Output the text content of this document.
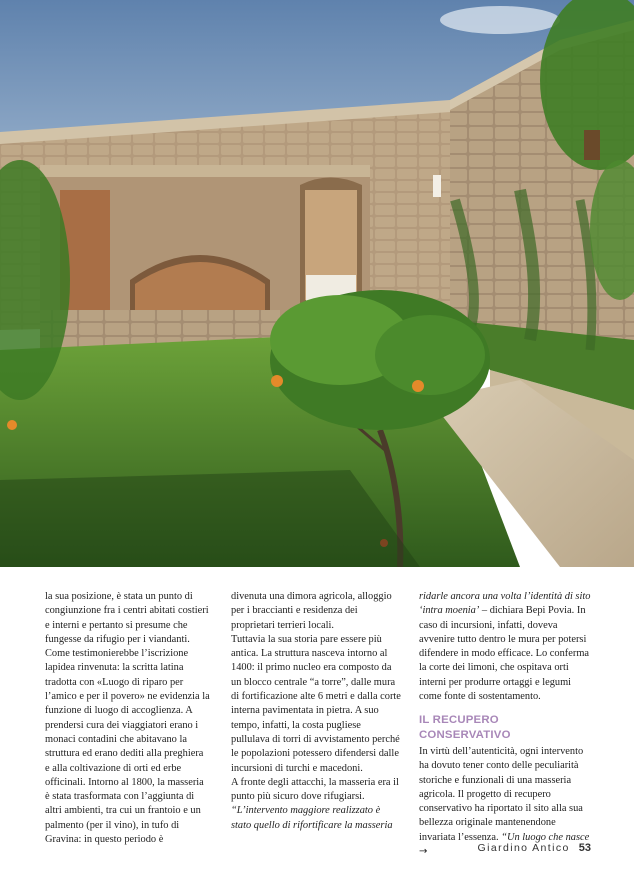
la sua posizione, è stata un punto di congiunzione fra i centri abitati costieri e interni e pertanto si presume che fungesse da rifugio per i viandanti. Come testimonierebbe l’iscrizione lapidea rinvenuta: la scritta latina tradotta con «Luogo di riparo per l’amico e per il povero» ne evidenzia la funzione di luogo di accoglienza. A prendersi cura dei viaggiatori erano i monaci contadini che abitavano la struttura ed erano dediti alla preghiera e alla coltivazione di orti ed erbe officinali. Intorno al 1800, la masseria è stata trasformata con l’aggiunta di altri ambienti, tra cui un frantoio e un palmento (per il vino), in tufo di Gravina: in questo periodo è

divenuta una dimora agricola, alloggio per i braccianti e residenza dei proprietari terrieri locali.

Tuttavia la sua storia pare essere più antica. La struttura nasceva intorno al 1400: il primo nucleo era composto da un blocco centrale “a torre”, dalle mura di fortificazione alte 6 metri e dalla corte interna pavimentata in pietra. A suo tempo, infatti, la costa pugliese pullulava di torri di avvistamento perché le popolazioni potessero difendersi dalle incursioni di turchi e macedoni.

A fronte degli attacchi, la masseria era il punto più sicuro dove rifugiarsi.

“L’intervento maggiore realizzato è stato quello di rifortificare la masseria

ridarle ancora una volta l’identità di sito ‘intra moenia’ – dichiara Bepi Povia. In caso di incursioni, infatti, doveva avvenire tutto dentro le mura per potersi difendere in modo efficace. Lo conferma la corte dei limoni, che ospitava orti interni per produrre ortaggi e legumi come fonte di sostentamento.

IL RECUPERO CONSERVATIVO

In virtù dell’autenticità, ogni intervento ha dovuto tener conto delle peculiarità storiche e funzionali di una masseria agricola. Il progetto di recupero conservativo ha riportato il sito alla sua bellezza originale mantenendone invariata l’essenza. “Un luogo che nasce →	Giardino Antico 53
